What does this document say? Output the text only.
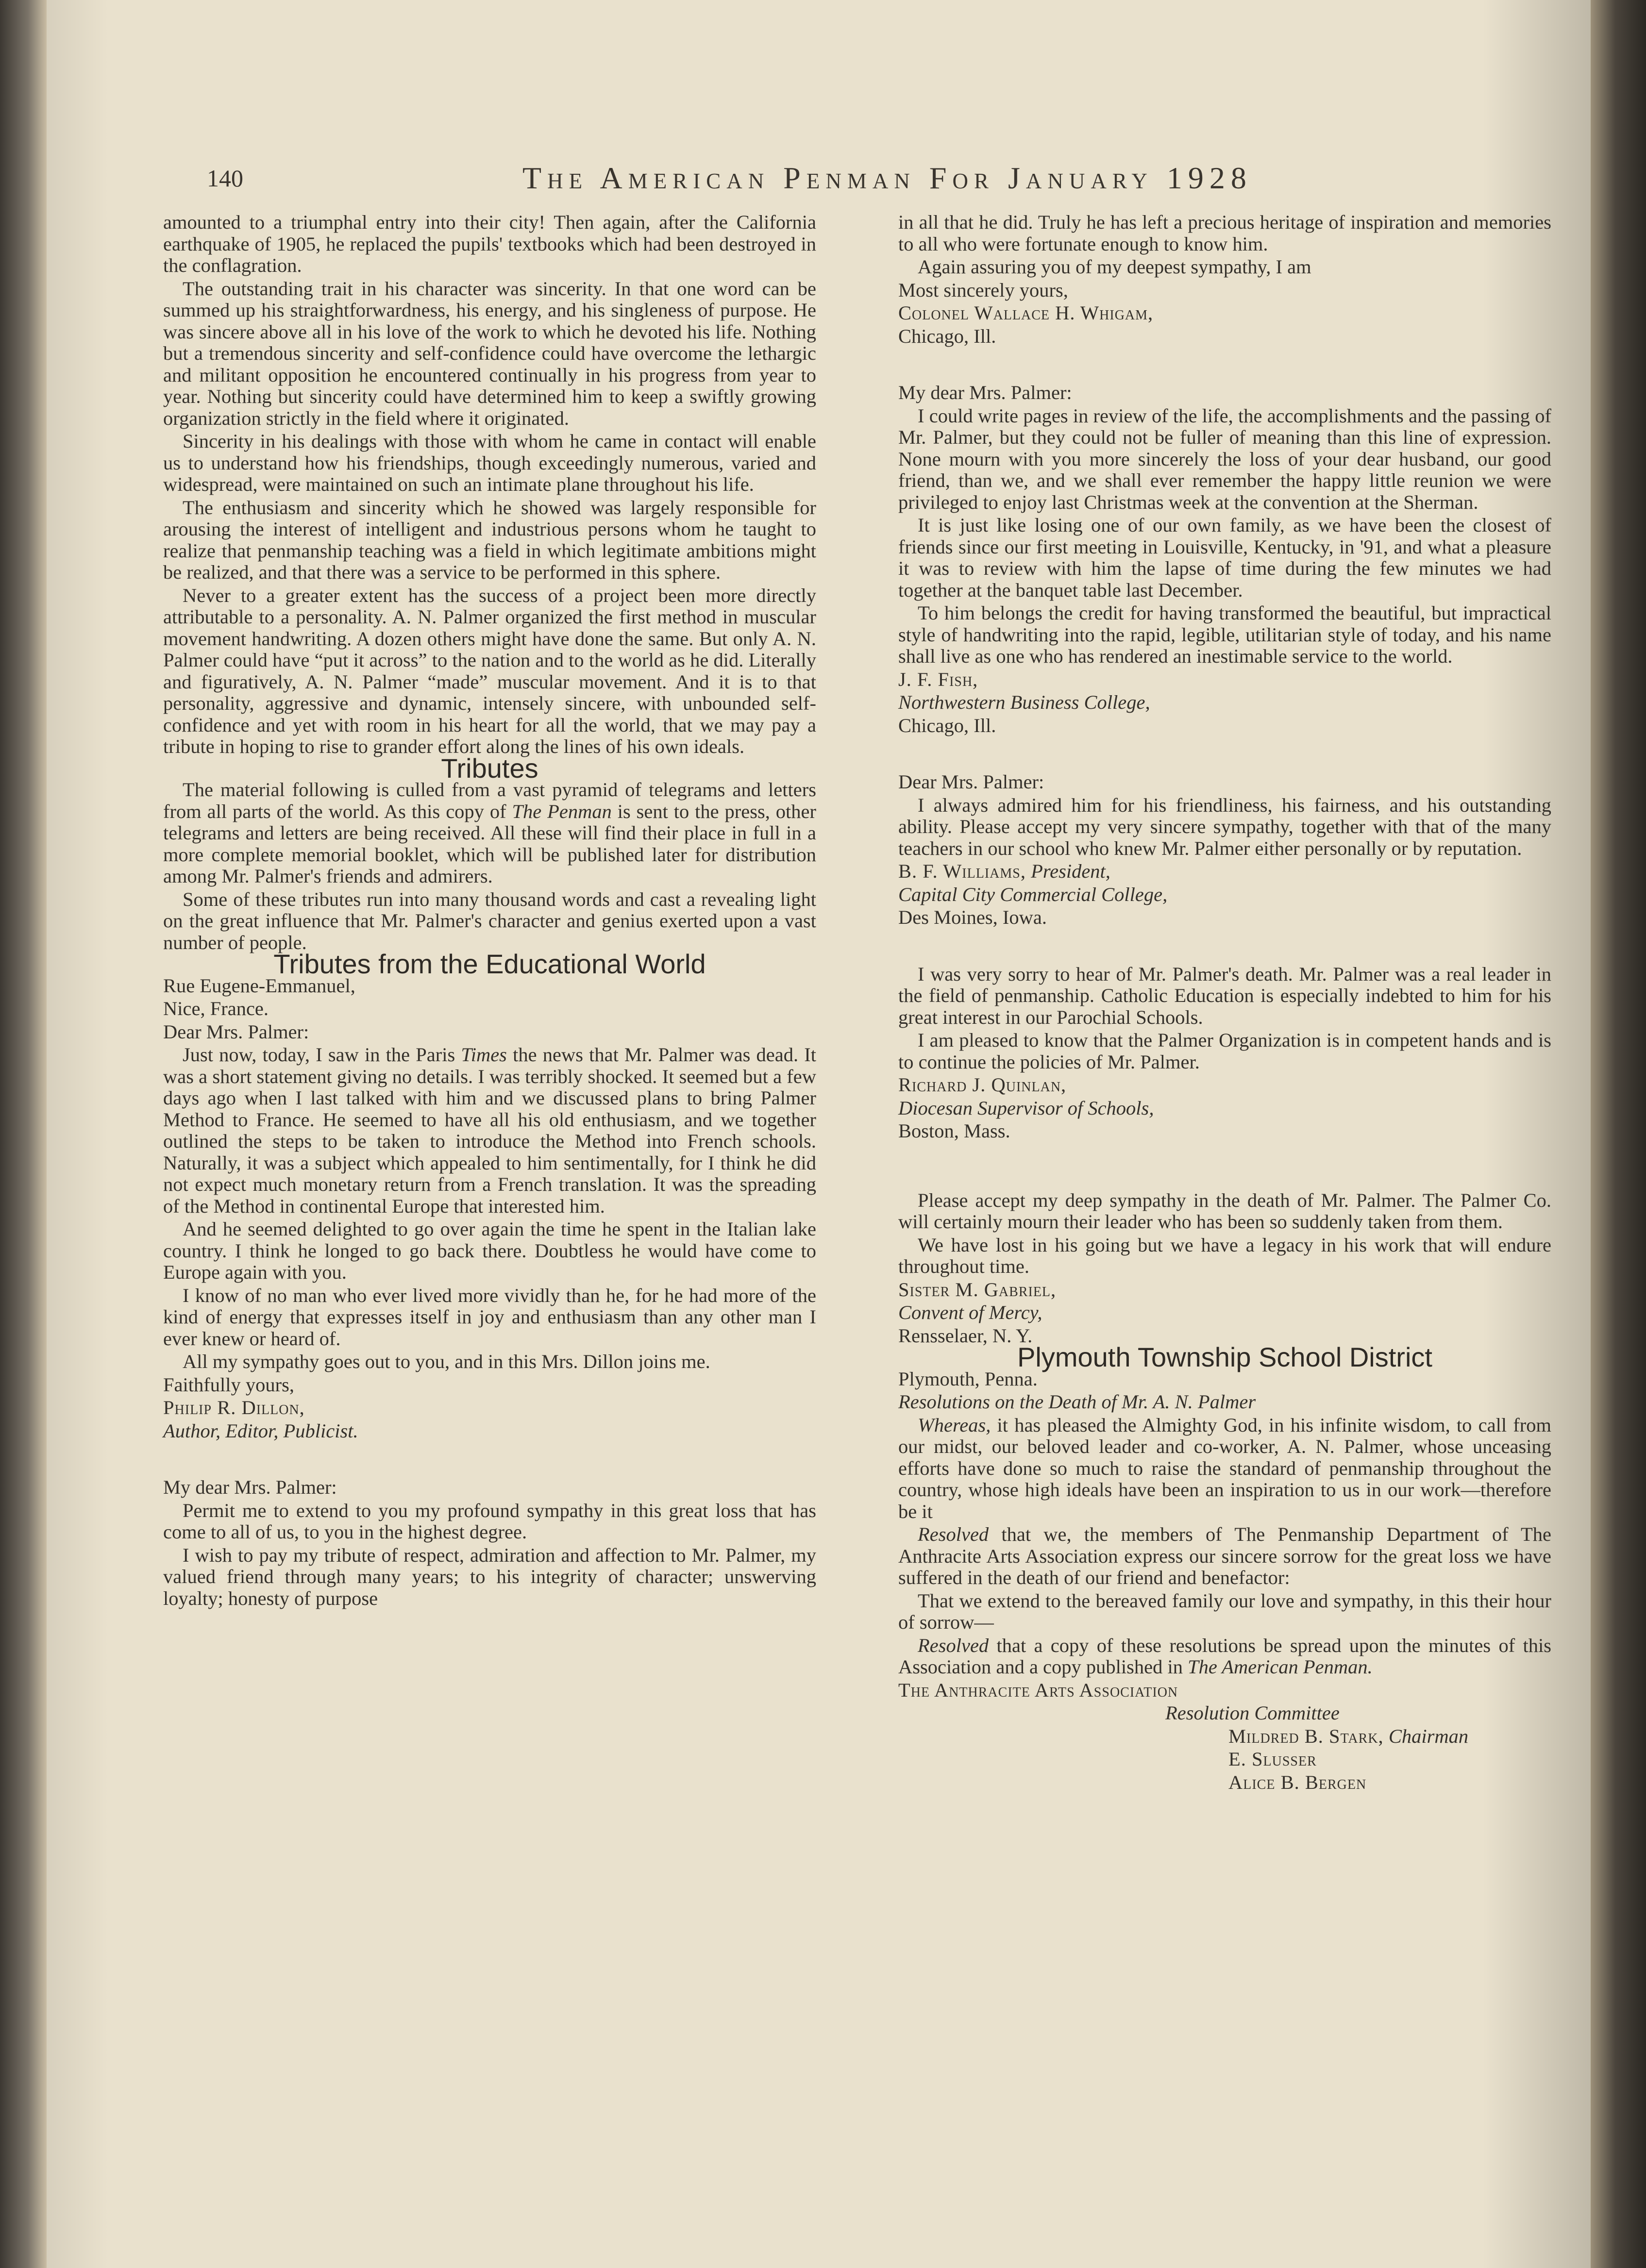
140	The American Penman For January 1928

amounted to a triumphal entry into their city! Then again, after the California earthquake of 1905, he replaced the pupils' textbooks which had been destroyed in the conflagration.

The outstanding trait in his character was sincerity. In that one word can be summed up his straightforwardness, his energy, and his singleness of purpose. He was sincere above all in his love of the work to which he devoted his life. Nothing but a tremendous sincerity and self-confidence could have overcome the lethargic and militant opposition he encountered continually in his progress from year to year. Nothing but sincerity could have determined him to keep a swiftly growing organization strictly in the field where it originated.

Sincerity in his dealings with those with whom he came in contact will enable us to understand how his friendships, though exceedingly numerous, varied and widespread, were maintained on such an intimate plane throughout his life.

The enthusiasm and sincerity which he showed was largely responsible for arousing the interest of intelligent and industrious persons whom he taught to realize that penmanship teaching was a field in which legitimate ambitions might be realized, and that there was a service to be performed in this sphere.

Never to a greater extent has the success of a project been more directly attributable to a personality. A. N. Palmer organized the first method in muscular movement handwriting. A dozen others might have done the same. But only A. N. Palmer could have “put it across” to the nation and to the world as he did. Literally and figuratively, A. N. Palmer “made” muscular movement. And it is to that personality, aggressive and dynamic, intensely sincere, with unbounded self-confidence and yet with room in his heart for all the world, that we may pay a tribute in hoping to rise to grander effort along the lines of his own ideals.

Tributes

The material following is culled from a vast pyramid of telegrams and letters from all parts of the world. As this copy of The Penman is sent to the press, other telegrams and letters are being received. All these will find their place in full in a more complete memorial booklet, which will be published later for distribution among Mr. Palmer's friends and admirers.

Some of these tributes run into many thousand words and cast a revealing light on the great influence that Mr. Palmer's character and genius exerted upon a vast number of people.

Tributes from the Educational World

Rue Eugene-Emmanuel,

Nice, France.

Dear Mrs. Palmer:

Just now, today, I saw in the Paris Times the news that Mr. Palmer was dead. It was a short statement giving no details. I was terribly shocked. It seemed but a few days ago when I last talked with him and we discussed plans to bring Palmer Method to France. He seemed to have all his old enthusiasm, and we together outlined the steps to be taken to introduce the Method into French schools. Naturally, it was a subject which appealed to him sentimentally, for I think he did not expect much monetary return from a French translation. It was the spreading of the Method in continental Europe that interested him.

And he seemed delighted to go over again the time he spent in the Italian lake country. I think he longed to go back there. Doubtless he would have come to Europe again with you.

I know of no man who ever lived more vividly than he, for he had more of the kind of energy that expresses itself in joy and enthusiasm than any other man I ever knew or heard of.

All my sympathy goes out to you, and in this Mrs. Dillon joins me.

Faithfully yours,

Philip R. Dillon,

Author, Editor, Publicist.

My dear Mrs. Palmer:

Permit me to extend to you my profound sympathy in this great loss that has come to all of us, to you in the highest degree.

I wish to pay my tribute of respect, admiration and affection to Mr. Palmer, my valued friend through many years; to his integrity of character; unswerving loyalty; honesty of purpose

in all that he did. Truly he has left a precious heritage of inspiration and memories to all who were fortunate enough to know him.

Again assuring you of my deepest sympathy, I am

Most sincerely yours,

Colonel Wallace H. Whigam,

Chicago, Ill.

My dear Mrs. Palmer:

I could write pages in review of the life, the accomplishments and the passing of Mr. Palmer, but they could not be fuller of meaning than this line of expression. None mourn with you more sincerely the loss of your dear husband, our good friend, than we, and we shall ever remember the happy little reunion we were privileged to enjoy last Christmas week at the convention at the Sherman.

It is just like losing one of our own family, as we have been the closest of friends since our first meeting in Louisville, Kentucky, in '91, and what a pleasure it was to review with him the lapse of time during the few minutes we had together at the banquet table last December.

To him belongs the credit for having transformed the beautiful, but impractical style of handwriting into the rapid, legible, utilitarian style of today, and his name shall live as one who has rendered an inestimable service to the world.

J. F. Fish,

Northwestern Business College,

Chicago, Ill.

Dear Mrs. Palmer:

I always admired him for his friendliness, his fairness, and his outstanding ability. Please accept my very sincere sympathy, together with that of the many teachers in our school who knew Mr. Palmer either personally or by reputation.

B. F. Williams, President,

Capital City Commercial College,

Des Moines, Iowa.

I was very sorry to hear of Mr. Palmer's death. Mr. Palmer was a real leader in the field of penmanship. Catholic Education is especially indebted to him for his great interest in our Parochial Schools.

I am pleased to know that the Palmer Organization is in competent hands and is to continue the policies of Mr. Palmer.

Richard J. Quinlan,

Diocesan Supervisor of Schools,

Boston, Mass.

Please accept my deep sympathy in the death of Mr. Palmer. The Palmer Co. will certainly mourn their leader who has been so suddenly taken from them.

We have lost in his going but we have a legacy in his work that will endure throughout time.

Sister M. Gabriel,

Convent of Mercy,

Rensselaer, N. Y.

Plymouth Township School District

Plymouth, Penna.

Resolutions on the Death of Mr. A. N. Palmer

Whereas, it has pleased the Almighty God, in his infinite wisdom, to call from our midst, our beloved leader and co-worker, A. N. Palmer, whose unceasing efforts have done so much to raise the standard of penmanship throughout the country, whose high ideals have been an inspiration to us in our work—therefore be it

Resolved that we, the members of The Penmanship Department of The Anthracite Arts Association express our sincere sorrow for the great loss we have suffered in the death of our friend and benefactor:

That we extend to the bereaved family our love and sympathy, in this their hour of sorrow—

Resolved that a copy of these resolutions be spread upon the minutes of this Association and a copy published in The American Penman.

The Anthracite Arts Association

Resolution Committee

Mildred B. Stark, Chairman

E. Slusser

Alice B. Bergen
